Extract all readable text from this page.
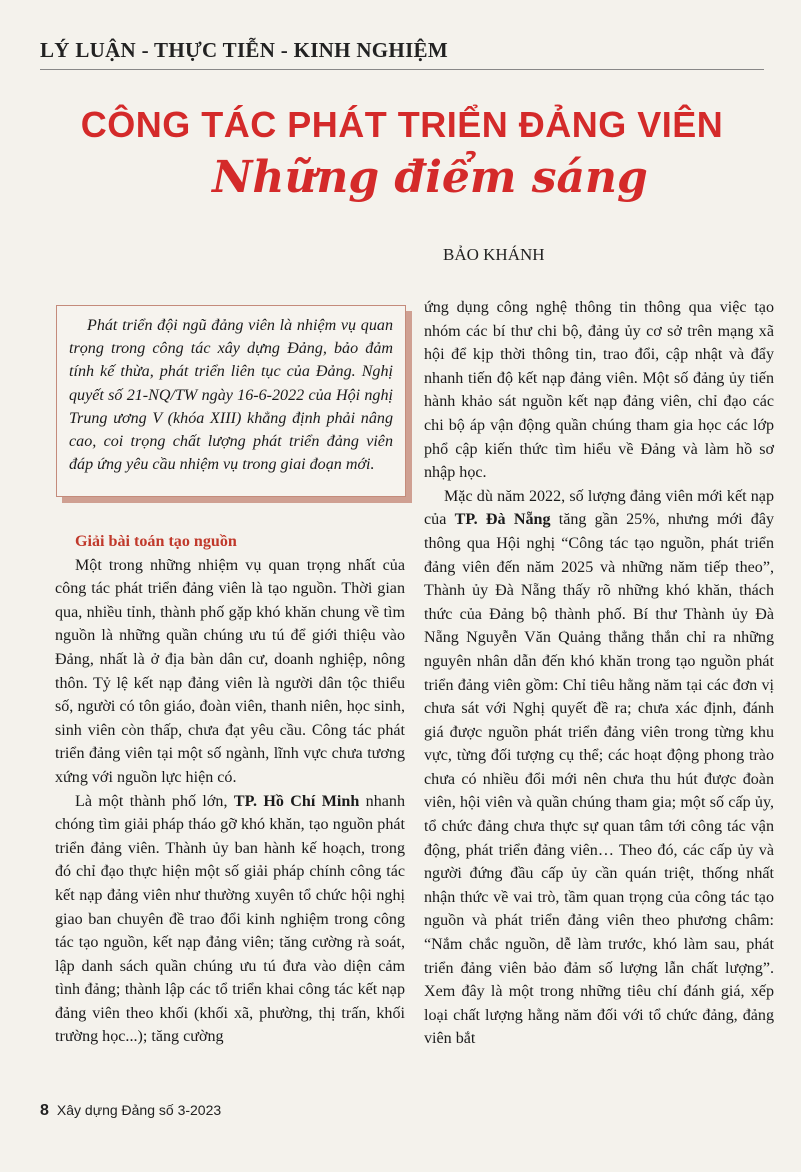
LÝ LUẬN - THỰC TIỄN - KINH NGHIỆM
CÔNG TÁC PHÁT TRIỂN ĐẢNG VIÊN
Những điểm sáng
BẢO KHÁNH
Phát triển đội ngũ đảng viên là nhiệm vụ quan trọng trong công tác xây dựng Đảng, bảo đảm tính kế thừa, phát triển liên tục của Đảng. Nghị quyết số 21-NQ/TW ngày 16-6-2022 của Hội nghị Trung ương V (khóa XIII) khẳng định phải nâng cao, coi trọng chất lượng phát triển đảng viên đáp ứng yêu cầu nhiệm vụ trong giai đoạn mới.

Giải bài toán tạo nguồn

Một trong những nhiệm vụ quan trọng nhất của công tác phát triển đảng viên là tạo nguồn. Thời gian qua, nhiều tỉnh, thành phố gặp khó khăn chung về tìm nguồn là những quần chúng ưu tú để giới thiệu vào Đảng, nhất là ở địa bàn dân cư, doanh nghiệp, nông thôn. Tỷ lệ kết nạp đảng viên là người dân tộc thiểu số, người có tôn giáo, đoàn viên, thanh niên, học sinh, sinh viên còn thấp, chưa đạt yêu cầu. Công tác phát triển đảng viên tại một số ngành, lĩnh vực chưa tương xứng với nguồn lực hiện có.

Là một thành phố lớn, TP. Hồ Chí Minh nhanh chóng tìm giải pháp tháo gỡ khó khăn, tạo nguồn phát triển đảng viên. Thành ủy ban hành kế hoạch, trong đó chỉ đạo thực hiện một số giải pháp chính công tác kết nạp đảng viên như thường xuyên tổ chức hội nghị giao ban chuyên đề trao đổi kinh nghiệm trong công tác tạo nguồn, kết nạp đảng viên; tăng cường rà soát, lập danh sách quần chúng ưu tú đưa vào diện cảm tình đảng; thành lập các tổ triển khai công tác kết nạp đảng viên theo khối (khối xã, phường, thị trấn, khối trường học...); tăng cường

ứng dụng công nghệ thông tin thông qua việc tạo nhóm các bí thư chi bộ, đảng ủy cơ sở trên mạng xã hội để kịp thời thông tin, trao đổi, cập nhật và đẩy nhanh tiến độ kết nạp đảng viên. Một số đảng ủy tiến hành khảo sát nguồn kết nạp đảng viên, chỉ đạo các chi bộ áp vận động quần chúng tham gia học các lớp phổ cập kiến thức tìm hiểu về Đảng và làm hồ sơ nhập học.

Mặc dù năm 2022, số lượng đảng viên mới kết nạp của TP. Đà Nẵng tăng gần 25%, nhưng mới đây thông qua Hội nghị “Công tác tạo nguồn, phát triển đảng viên đến năm 2025 và những năm tiếp theo”, Thành ủy Đà Nẵng thấy rõ những khó khăn, thách thức của Đảng bộ thành phố. Bí thư Thành ủy Đà Nẵng Nguyễn Văn Quảng thẳng thắn chỉ ra những nguyên nhân dẫn đến khó khăn trong tạo nguồn phát triển đảng viên gồm: Chỉ tiêu hằng năm tại các đơn vị chưa sát với Nghị quyết đề ra; chưa xác định, đánh giá được nguồn phát triển đảng viên trong từng khu vực, từng đối tượng cụ thể; các hoạt động phong trào chưa có nhiều đổi mới nên chưa thu hút được đoàn viên, hội viên và quần chúng tham gia; một số cấp ủy, tổ chức đảng chưa thực sự quan tâm tới công tác vận động, phát triển đảng viên… Theo đó, các cấp ủy và người đứng đầu cấp ủy cần quán triệt, thống nhất nhận thức về vai trò, tầm quan trọng của công tác tạo nguồn và phát triển đảng viên theo phương châm: “Nắm chắc nguồn, dễ làm trước, khó làm sau, phát triển đảng viên bảo đảm số lượng lẫn chất lượng”. Xem đây là một trong những tiêu chí đánh giá, xếp loại chất lượng hằng năm đối với tổ chức đảng, đảng viên bắt

8 Xây dựng Đảng số 3-2023
